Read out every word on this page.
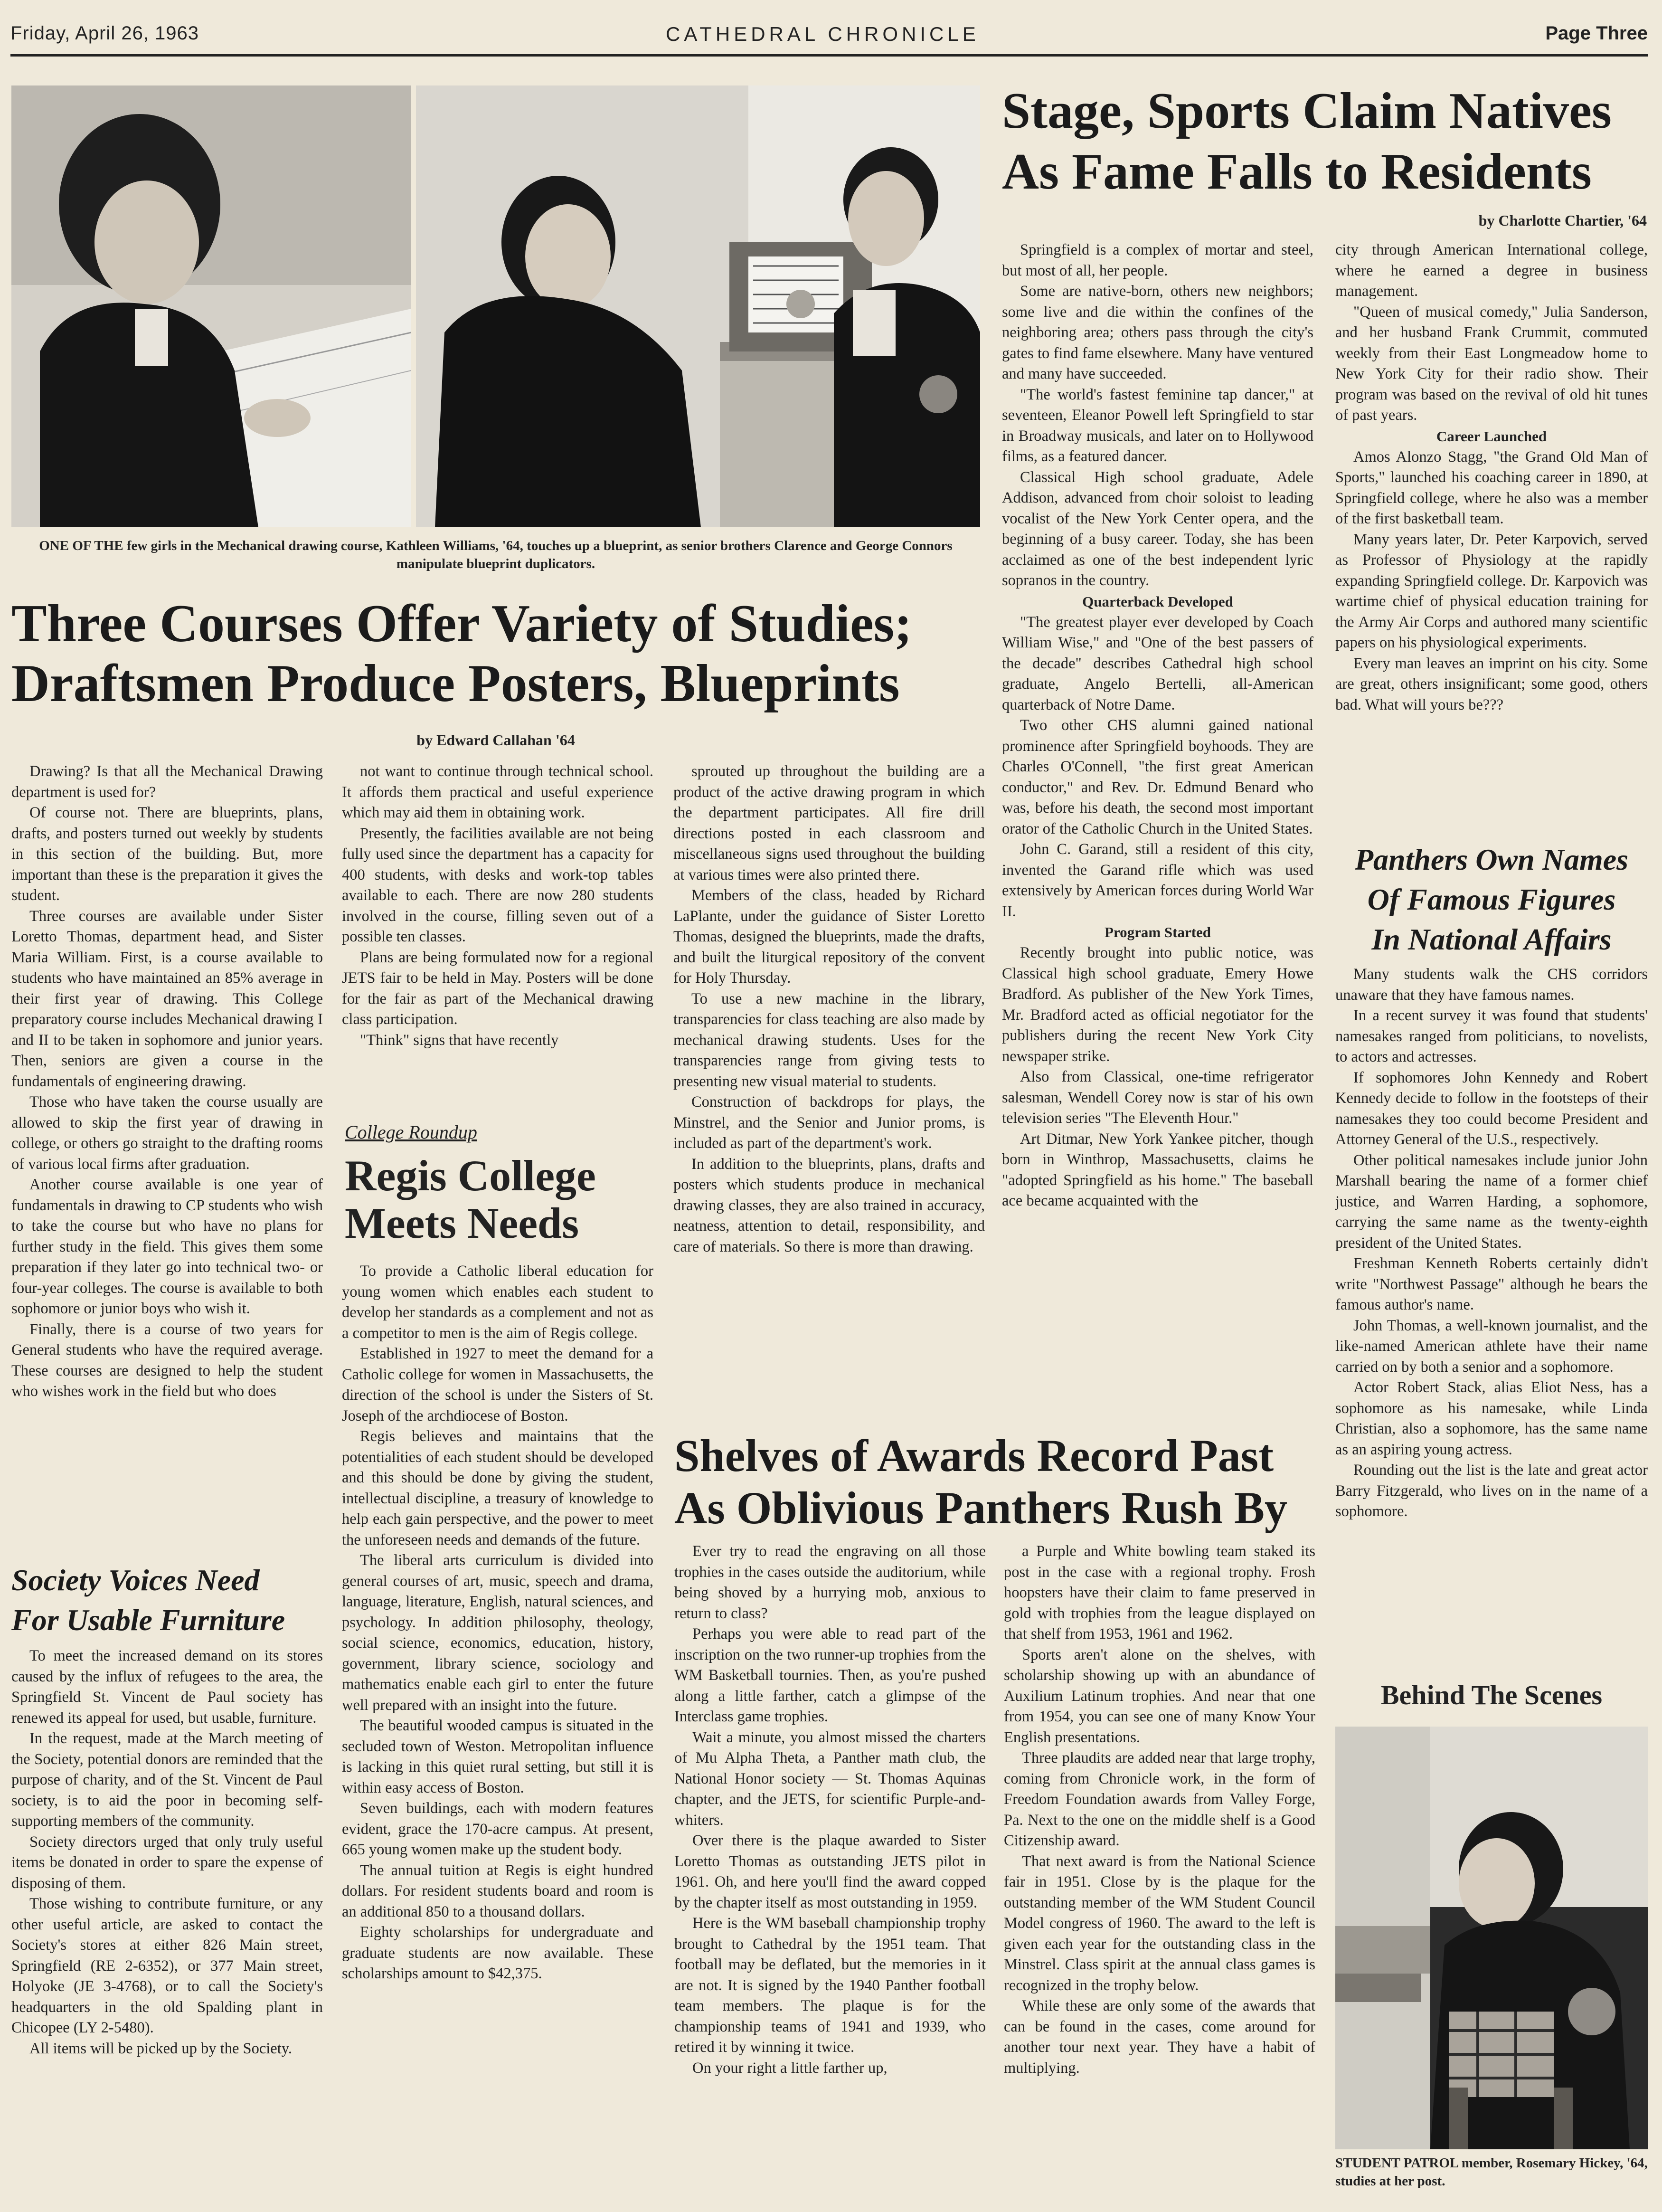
Friday, April 26, 1963	CATHEDRAL CHRONICLE	Page Three
ONE OF THE few girls in the Mechanical drawing course, Kathleen Williams, '64, touches up a blueprint, as senior brothers Clarence and George Connors manipulate blueprint duplicators.
Three Courses Offer Variety of Studies;
Draftsmen Produce Posters, Blueprints
by Edward Callahan '64

Drawing? Is that all the Mechanical Drawing department is used for?

Of course not. There are blueprints, plans, drafts, and posters turned out weekly by students in this section of the building. But, more important than these is the preparation it gives the student.

Three courses are available under Sister Loretto Thomas, department head, and Sister Maria William. First, is a course available to students who have maintained an 85% average in their first year of drawing. This College preparatory course includes Mechanical drawing I and II to be taken in sophomore and junior years. Then, seniors are given a course in the fundamentals of engineering drawing.

Those who have taken the course usually are allowed to skip the first year of drawing in college, or others go straight to the drafting rooms of various local firms after graduation.

Another course available is one year of fundamentals in drawing to CP students who wish to take the course but who have no plans for further study in the field. This gives them some preparation if they later go into technical two- or four-year colleges. The course is available to both sophomore or junior boys who wish it.

Finally, there is a course of two years for General students who have the required average. These courses are designed to help the student who wishes work in the field but who does

not want to continue through technical school. It affords them practical and useful experience which may aid them in obtaining work.

Presently, the facilities available are not being fully used since the department has a capacity for 400 students, with desks and work-top tables available to each. There are now 280 students involved in the course, filling seven out of a possible ten classes.

Plans are being formulated now for a regional JETS fair to be held in May. Posters will be done for the fair as part of the Mechanical drawing class participation.

"Think" signs that have recently

sprouted up throughout the building are a product of the active drawing program in which the department participates. All fire drill directions posted in each classroom and miscellaneous signs used throughout the building at various times were also printed there.

Members of the class, headed by Richard LaPlante, under the guidance of Sister Loretto Thomas, designed the blueprints, made the drafts, and built the liturgical repository of the convent for Holy Thursday.

To use a new machine in the library, transparencies for class teaching are also made by mechanical drawing students. Uses for the transparencies range from giving tests to presenting new visual material to students.

Construction of backdrops for plays, the Minstrel, and the Senior and Junior proms, is included as part of the department's work.

In addition to the blueprints, plans, drafts and posters which students produce in mechanical drawing classes, they are also trained in accuracy, neatness, attention to detail, responsibility, and care of materials. So there is more than drawing.

Society Voices Need
For Usable Furniture

To meet the increased demand on its stores caused by the influx of refugees to the area, the Springfield St. Vincent de Paul society has renewed its appeal for used, but usable, furniture.

In the request, made at the March meeting of the Society, potential donors are reminded that the purpose of charity, and of the St. Vincent de Paul society, is to aid the poor in becoming self-supporting members of the community.

Society directors urged that only truly useful items be donated in order to spare the expense of disposing of them.

Those wishing to contribute furniture, or any other useful article, are asked to contact the Society's stores at either 826 Main street, Springfield (RE 2-6352), or 377 Main street, Holyoke (JE 3-4768), or to call the Society's headquarters in the old Spalding plant in Chicopee (LY 2-5480).

All items will be picked up by the Society.

College Roundup
Regis College
Meets Needs

To provide a Catholic liberal education for young women which enables each student to develop her standards as a complement and not as a competitor to men is the aim of Regis college.

Established in 1927 to meet the demand for a Catholic college for women in Massachusetts, the direction of the school is under the Sisters of St. Joseph of the archdiocese of Boston.

Regis believes and maintains that the potentialities of each student should be developed and this should be done by giving the student, intellectual discipline, a treasury of knowledge to help each gain perspective, and the power to meet the unforeseen needs and demands of the future.

The liberal arts curriculum is divided into general courses of art, music, speech and drama, language, literature, English, natural sciences, and psychology. In addition philosophy, theology, social science, economics, education, history, government, library science, sociology and mathematics enable each girl to enter the future well prepared with an insight into the future.

The beautiful wooded campus is situated in the secluded town of Weston. Metropolitan influence is lacking in this quiet rural setting, but still it is within easy access of Boston.

Seven buildings, each with modern features evident, grace the 170-acre campus. At present, 665 young women make up the student body.

The annual tuition at Regis is eight hundred dollars. For resident students board and room is an additional 850 to a thousand dollars.

Eighty scholarships for undergraduate and graduate students are now available. These scholarships amount to $42,375.

Shelves of Awards Record Past
As Oblivious Panthers Rush By

Ever try to read the engraving on all those trophies in the cases outside the auditorium, while being shoved by a hurrying mob, anxious to return to class?

Perhaps you were able to read part of the inscription on the two runner-up trophies from the WM Basketball tournies. Then, as you're pushed along a little farther, catch a glimpse of the Interclass game trophies.

Wait a minute, you almost missed the charters of Mu Alpha Theta, a Panther math club, the National Honor society — St. Thomas Aquinas chapter, and the JETS, for scientific Purple-and-whiters.

Over there is the plaque awarded to Sister Loretto Thomas as outstanding JETS pilot in 1961. Oh, and here you'll find the award copped by the chapter itself as most outstanding in 1959.

Here is the WM baseball championship trophy brought to Cathedral by the 1951 team. That football may be deflated, but the memories in it are not. It is signed by the 1940 Panther football team members. The plaque is for the championship teams of 1941 and 1939, who retired it by winning it twice.

On your right a little farther up,

a Purple and White bowling team staked its post in the case with a regional trophy. Frosh hoopsters have their claim to fame preserved in gold with trophies from the league displayed on that shelf from 1953, 1961 and 1962.

Sports aren't alone on the shelves, with scholarship showing up with an abundance of Auxilium Latinum trophies. And near that one from 1954, you can see one of many Know Your English presentations.

Three plaudits are added near that large trophy, coming from Chronicle work, in the form of Freedom Foundation awards from Valley Forge, Pa. Next to the one on the middle shelf is a Good Citizenship award.

That next award is from the National Science fair in 1951. Close by is the plaque for the outstanding member of the WM Student Council Model congress of 1960. The award to the left is given each year for the outstanding class in the Minstrel. Class spirit at the annual class games is recognized in the trophy below.

While these are only some of the awards that can be found in the cases, come around for another tour next year. They have a habit of multiplying.

Stage, Sports Claim Natives
As Fame Falls to Residents
by Charlotte Chartier, '64

Springfield is a complex of mortar and steel, but most of all, her people.

Some are native-born, others new neighbors; some live and die within the confines of the neighboring area; others pass through the city's gates to find fame elsewhere. Many have ventured and many have succeeded.

"The world's fastest feminine tap dancer," at seventeen, Eleanor Powell left Springfield to star in Broadway musicals, and later on to Hollywood films, as a featured dancer.

Classical High school graduate, Adele Addison, advanced from choir soloist to leading vocalist of the New York Center opera, and the beginning of a busy career. Today, she has been acclaimed as one of the best independent lyric sopranos in the country.

Quarterback Developed

"The greatest player ever developed by Coach William Wise," and "One of the best passers of the decade" describes Cathedral high school graduate, Angelo Bertelli, all-American quarterback of Notre Dame.

Two other CHS alumni gained national prominence after Springfield boyhoods. They are Charles O'Connell, "the first great American conductor," and Rev. Dr. Edmund Benard who was, before his death, the second most important orator of the Catholic Church in the United States.

John C. Garand, still a resident of this city, invented the Garand rifle which was used extensively by American forces during World War II.

Program Started

Recently brought into public notice, was Classical high school graduate, Emery Howe Bradford. As publisher of the New York Times, Mr. Bradford acted as official negotiator for the publishers during the recent New York City newspaper strike.

Also from Classical, one-time refrigerator salesman, Wendell Corey now is star of his own television series "The Eleventh Hour."

Art Ditmar, New York Yankee pitcher, though born in Winthrop, Massachusetts, claims he "adopted Springfield as his home." The baseball ace became acquainted with the

city through American International college, where he earned a degree in business management.

"Queen of musical comedy," Julia Sanderson, and her husband Frank Crummit, commuted weekly from their East Longmeadow home to New York City for their radio show. Their program was based on the revival of old hit tunes of past years.

Career Launched

Amos Alonzo Stagg, "the Grand Old Man of Sports," launched his coaching career in 1890, at Springfield college, where he also was a member of the first basketball team.

Many years later, Dr. Peter Karpovich, served as Professor of Physiology at the rapidly expanding Springfield college. Dr. Karpovich was wartime chief of physical education training for the Army Air Corps and authored many scientific papers on his physiological experiments.

Every man leaves an imprint on his city. Some are great, others insignificant; some good, others bad. What will yours be???

Panthers Own Names
Of Famous Figures
In National Affairs

Many students walk the CHS corridors unaware that they have famous names.

In a recent survey it was found that students' namesakes ranged from politicians, to novelists, to actors and actresses.

If sophomores John Kennedy and Robert Kennedy decide to follow in the footsteps of their namesakes they too could become President and Attorney General of the U.S., respectively.

Other political namesakes include junior John Marshall bearing the name of a former chief justice, and Warren Harding, a sophomore, carrying the same name as the twenty-eighth president of the United States.

Freshman Kenneth Roberts certainly didn't write "Northwest Passage" although he bears the famous author's name.

John Thomas, a well-known journalist, and the like-named American athlete have their name carried on by both a senior and a sophomore.

Actor Robert Stack, alias Eliot Ness, has a sophomore as his namesake, while Linda Christian, also a sophomore, has the same name as an aspiring young actress.

Rounding out the list is the late and great actor Barry Fitzgerald, who lives on in the name of a sophomore.

Behind The Scenes
STUDENT PATROL member, Rosemary Hickey, '64, studies at her post.
